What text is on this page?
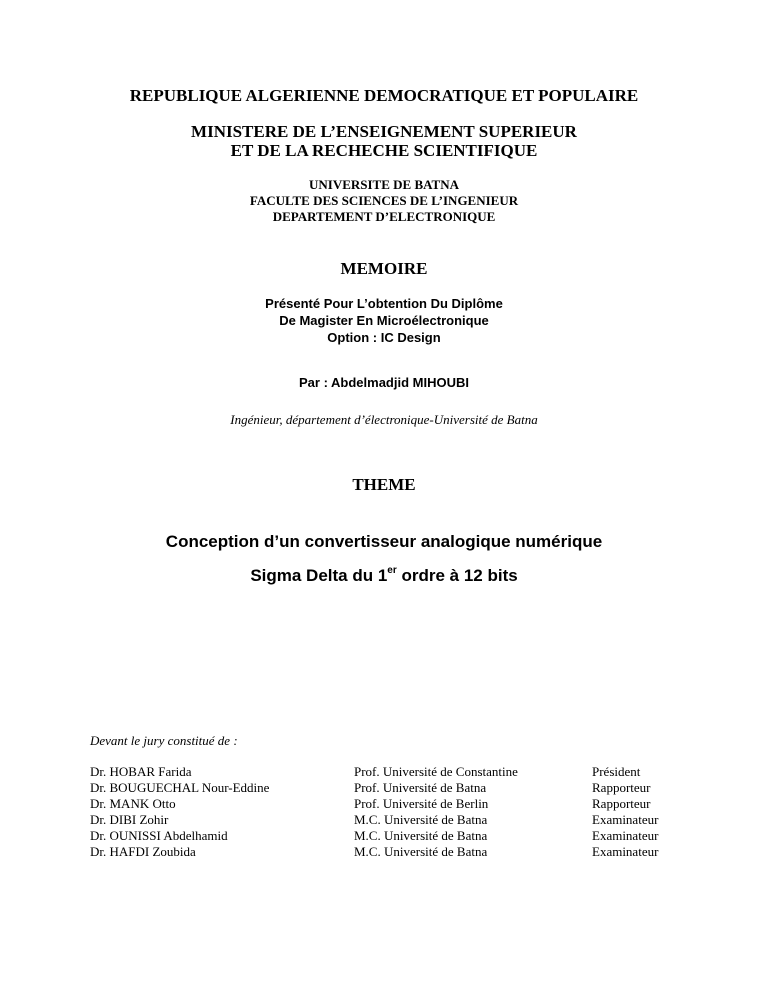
REPUBLIQUE ALGERIENNE DEMOCRATIQUE ET POPULAIRE
MINISTERE DE L’ENSEIGNEMENT SUPERIEUR
ET DE LA RECHECHE SCIENTIFIQUE
UNIVERSITE DE BATNA
FACULTE DES SCIENCES DE L’INGENIEUR
DEPARTEMENT D’ELECTRONIQUE
MEMOIRE
Présenté Pour L’obtention Du Diplôme
De Magister En Microélectronique
Option : IC Design
Par : Abdelmadjid MIHOUBI
Ingénieur, département d’électronique-Université de Batna
THEME
Conception d’un convertisseur analogique numérique
Sigma Delta du 1er ordre à 12 bits
Devant le jury constitué de :
Dr. HOBAR Farida	Prof. Université de Constantine	Président
Dr. BOUGUECHAL Nour-Eddine	Prof. Université de Batna	Rapporteur
Dr. MANK Otto	Prof. Université de Berlin	Rapporteur
Dr. DIBI Zohir	M.C. Université de Batna	Examinateur
Dr. OUNISSI Abdelhamid	M.C. Université de Batna	Examinateur
Dr. HAFDI Zoubida	M.C. Université de Batna	Examinateur
